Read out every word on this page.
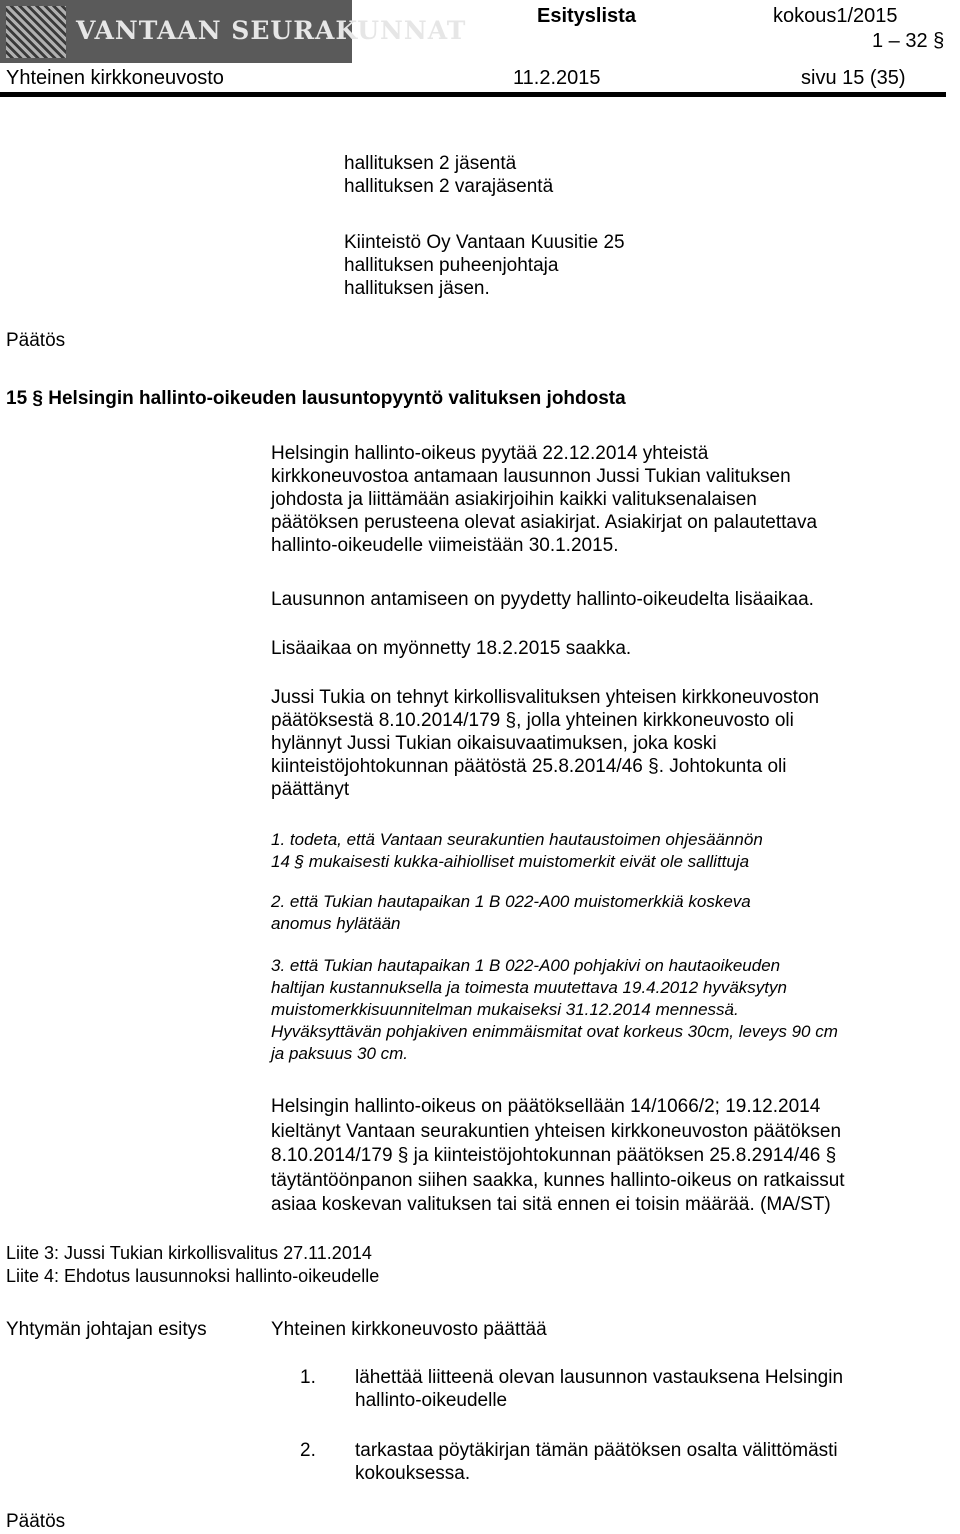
VANTAAN SEURAKUNNAT	Esityslista	kokous1/2015
1 – 32 §
Yhteinen kirkkoneuvosto	11.2.2015	sivu 15 (35)
hallituksen 2 jäsentä
hallituksen 2 varajäsentä
Kiinteistö Oy Vantaan Kuusitie 25
hallituksen puheenjohtaja
hallituksen jäsen.
Päätös
15 § Helsingin hallinto-oikeuden lausuntopyyntö valituksen johdosta
Helsingin hallinto-oikeus pyytää 22.12.2014 yhteistä
kirkkoneuvostoa antamaan lausunnon Jussi Tukian valituksen
johdosta ja liittämään asiakirjoihin kaikki valituksenalaisen
päätöksen perusteena olevat asiakirjat. Asiakirjat on palautettava
hallinto-oikeudelle viimeistään 30.1.2015.
Lausunnon antamiseen on pyydetty hallinto-oikeudelta lisäaikaa.
Lisäaikaa on myönnetty 18.2.2015 saakka.
Jussi Tukia on tehnyt kirkollisvalituksen yhteisen kirkkoneuvoston
päätöksestä 8.10.2014/179 §, jolla yhteinen kirkkoneuvosto oli
hylännyt Jussi Tukian oikaisuvaatimuksen, joka koski
kiinteistöjohtokunnan päätöstä 25.8.2014/46 §. Johtokunta oli
päättänyt
1. todeta, että Vantaan seurakuntien hautaustoimen ohjesäännön
14 § mukaisesti kukka-aihiolliset muistomerkit eivät ole sallittuja
2. että Tukian hautapaikan 1 B 022-A00 muistomerkkiä koskeva
anomus hylätään
3. että Tukian hautapaikan 1 B 022-A00 pohjakivi on hautaoikeuden
haltijan kustannuksella ja toimesta muutettava 19.4.2012 hyväksytyn
muistomerkkisuunnitelman mukaiseksi 31.12.2014 mennessä.
Hyväksyttävän pohjakiven enimmäismitat ovat korkeus 30cm, leveys 90 cm
ja paksuus 30 cm.
Helsingin hallinto-oikeus on päätöksellään 14/1066/2; 19.12.2014
kieltänyt Vantaan seurakuntien yhteisen kirkkoneuvoston päätöksen
8.10.2014/179 § ja kiinteistöjohtokunnan päätöksen 25.8.2914/46 §
täytäntöönpanon siihen saakka, kunnes hallinto-oikeus on ratkaissut
asiaa koskevan valituksen tai sitä ennen ei toisin määrää. (MA/ST)
Liite 3: Jussi Tukian kirkollisvalitus 27.11.2014
Liite 4: Ehdotus lausunnoksi hallinto-oikeudelle
Yhtymän johtajan esitys	Yhteinen kirkkoneuvosto päättää
1. lähettää liitteenä olevan lausunnon vastauksena Helsingin
hallinto-oikeudelle
2. tarkastaa pöytäkirjan tämän päätöksen osalta välittömästi
kokouksessa.
Päätös
